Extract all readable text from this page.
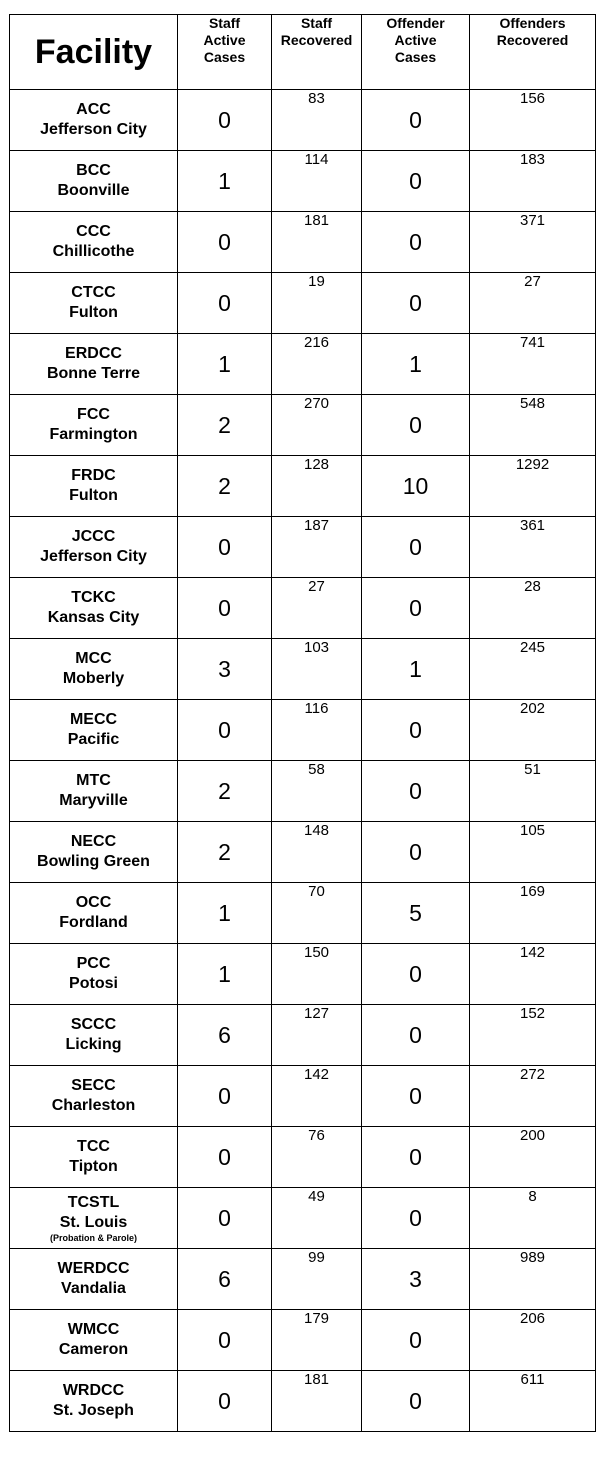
Facility	Staff
Active
Cases	Staff
Recovered	Offender
Active
Cases	Offenders
Recovered

ACC
Jefferson City	0	83	0	156

BCC
Boonville	1	114	0	183

CCC
Chillicothe	0	181	0	371

CTCC
Fulton	0	19	0	27

ERDCC
Bonne Terre	1	216	1	741

FCC
Farmington	2	270	0	548

FRDC
Fulton	2	128	10	1292

JCCC
Jefferson City	0	187	0	361

TCKC
Kansas City	0	27	0	28

MCC
Moberly	3	103	1	245

MECC
Pacific	0	116	0	202

MTC
Maryville	2	58	0	51

NECC
Bowling Green	2	148	0	105

OCC
Fordland	1	70	5	169

PCC
Potosi	1	150	0	142

SCCC
Licking	6	127	0	152

SECC
Charleston	0	142	0	272

TCC
Tipton	0	76	0	200

TCSTL
St. Louis
(Probation & Parole)	0	49	0	8

WERDCC
Vandalia	6	99	3	989

WMCC
Cameron	0	179	0	206

WRDCC
St. Joseph	0	181	0	611
